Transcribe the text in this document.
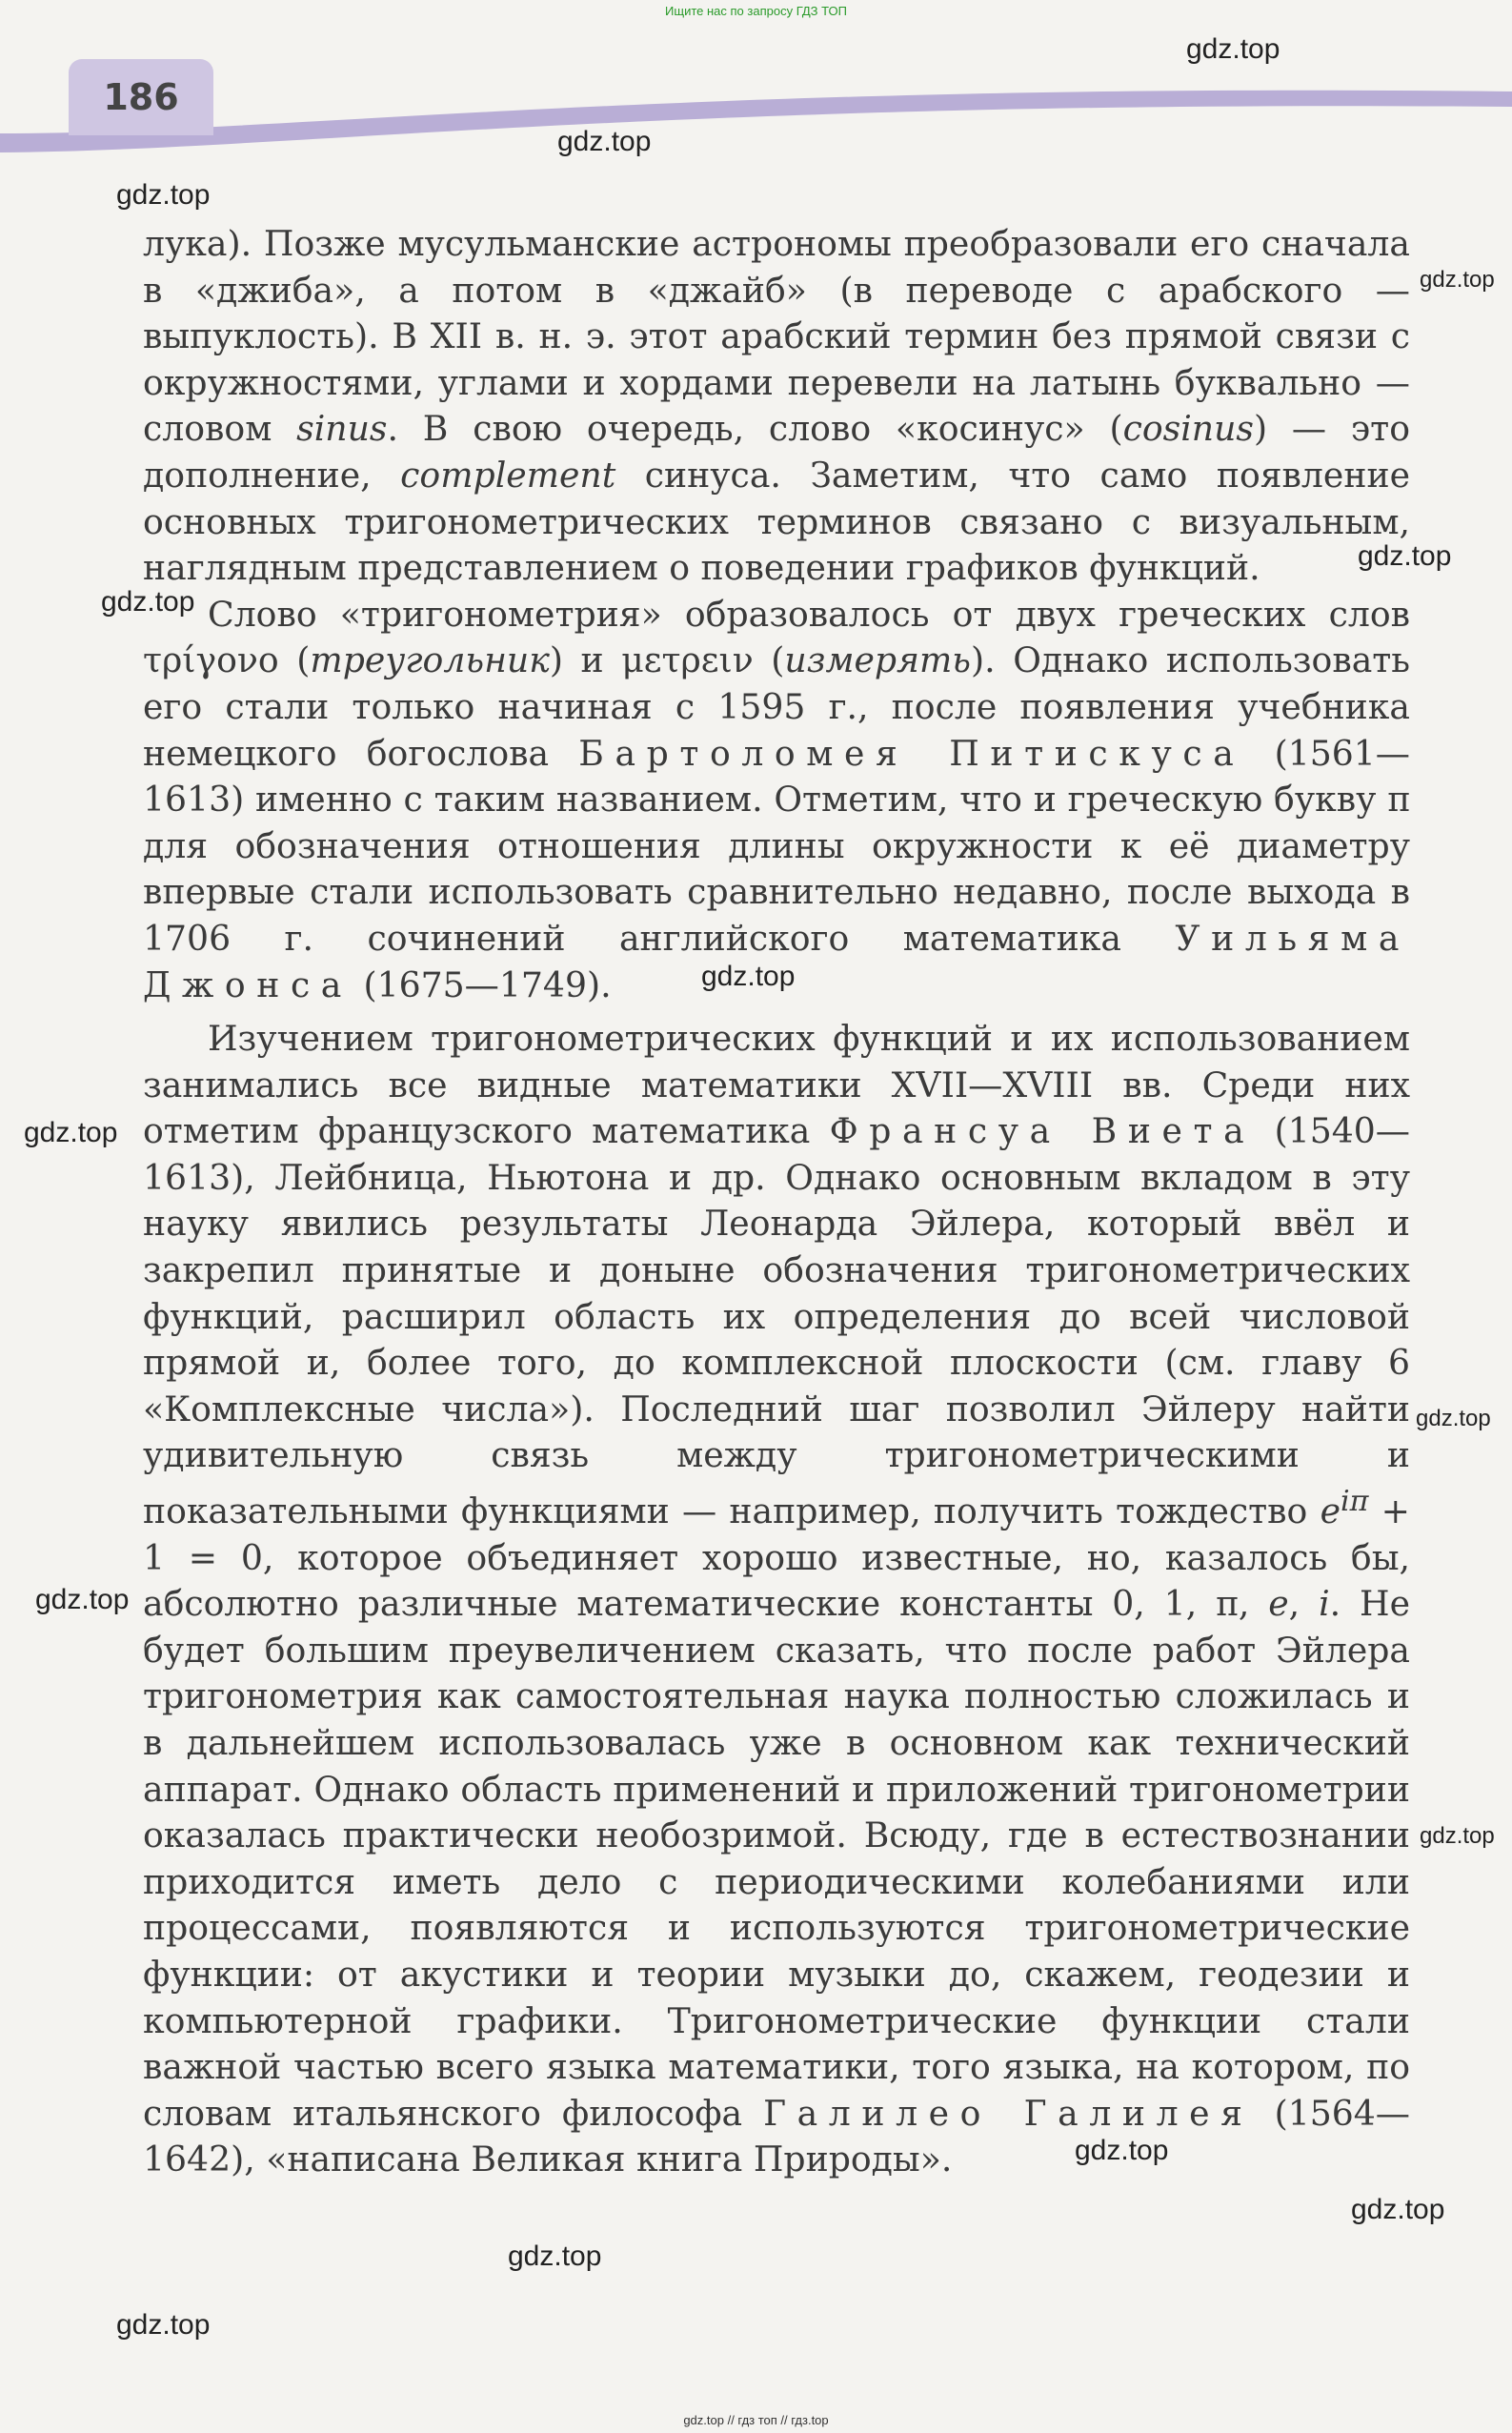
Ищите нас по запросу ГДЗ ТОП
186

лука). Позже мусульманские астрономы преобразовали его сначала в «джиба», а потом в «джайб» (в переводе с арабского — выпуклость). В XII в. н. э. этот арабский термин без прямой связи с окружностями, углами и хордами перевели на латынь буквально — словом sinus. В свою очередь, слово «косинус» (cosinus) — это дополнение, complement синуса. Заметим, что само появление основных тригонометрических терминов связано с визуальным, наглядным представлением о поведении графиков функций.

Слово «тригонометрия» образовалось от двух греческих слов τρίγονο (треугольник) и μετρειν (измерять). Однако использовать его стали только начиная с 1595 г., после появления учебника немецкого богослова Бартоломея Питискуса (1561—1613) именно с таким названием. Отметим, что и греческую букву π для обозначения отношения длины окружности к её диаметру впервые стали использовать сравнительно недавно, после выхода в 1706 г. сочинений английского математика Уильяма Джонса (1675—1749).

Изучением тригонометрических функций и их использованием занимались все видные математики XVII—XVIII вв. Среди них отметим французского математика Франсуа Виета (1540—1613), Лейбница, Ньютона и др. Однако основным вкладом в эту науку явились результаты Леонарда Эйлера, который ввёл и закрепил принятые и доныне обозначения тригонометрических функций, расширил область их определения до всей числовой прямой и, более того, до комплексной плоскости (см. главу 6 «Комплексные числа»). Последний шаг позволил Эйлеру найти удивительную связь между тригонометрическими и показательными функциями — например, получить тождество $e^{i\pi} + 1 = 0$, которое объединяет хорошо известные, но, казалось бы, абсолютно различные математические константы 0, 1, π, e, i. Не будет большим преувеличением сказать, что после работ Эйлера тригонометрия как самостоятельная наука полностью сложилась и в дальнейшем использовалась уже в основном как технический аппарат. Однако область применений и приложений тригонометрии оказалась практически необозримой. Всюду, где в естествознании приходится иметь дело с периодическими колебаниями или процессами, появляются и используются тригонометрические функции: от акустики и теории музыки до, скажем, геодезии и компьютерной графики. Тригонометрические функции стали важной частью всего языка математики, того языка, на котором, по словам итальянского философа Галилео Галилея (1564—1642), «написана Великая книга Природы».

gdz.top
gdz.top
gdz.top
gdz.top
gdz.top
gdz.top
gdz.top
gdz.top
gdz.top
gdz.top
gdz.top
gdz.top
gdz.top
gdz.top
gdz.top
gdz.top // гдз топ // гдз.top
